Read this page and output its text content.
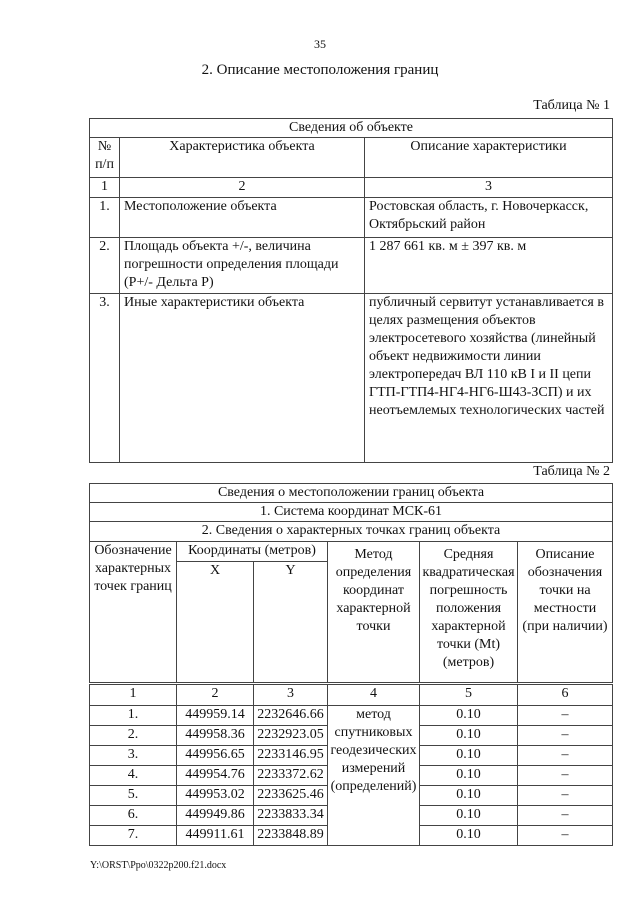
35
2. Описание местоположения границ
Таблица № 1
Сведения об объекте		
№ п/п	Характеристика объекта	Описание характеристики
1	2	3
1.	Местоположение объекта	Ростовская область, г. Новочеркасск, Октябрьский район
2.	Площадь объекта +/-, величина погрешности определения площади (P+/- Дельта P)	1 287 661 кв. м ± 397 кв. м
3.	Иные характеристики объекта	публичный сервитут устанавливается в целях размещения объектов электросетевого хозяйства (линейный объект недвижимости линии электропередач ВЛ 110 кВ I и II цепи ГТП-ГТП4-НГ4-НГ6-Ш43-ЗСП) и их неотъемлемых технологических частей
Таблица № 2
Сведения о местоположении границ объекта					
1. Система координат МСК-61					
2. Сведения о характерных точках границ объекта					
Обозначение характерных точек границ	Координаты (метров)		Метод определения координат характерной точки	Средняя квадратическая погрешность положения характерной точки (Mt) (метров)	Описание обозначения точки на местности (при наличии)
	X	Y			
1	2	3	4	5	6
1.	449959.14	2232646.66	метод спутниковых геодезических измерений (определений)	0.10	–
2.	449958.36	2232923.05		0.10	–
3.	449956.65	2233146.95		0.10	–
4.	449954.76	2233372.62		0.10	–
5.	449953.02	2233625.46		0.10	–
6.	449949.86	2233833.34		0.10	–
7.	449911.61	2233848.89		0.10	–
Y:\ORST\Ppo\0322p200.f21.docx
